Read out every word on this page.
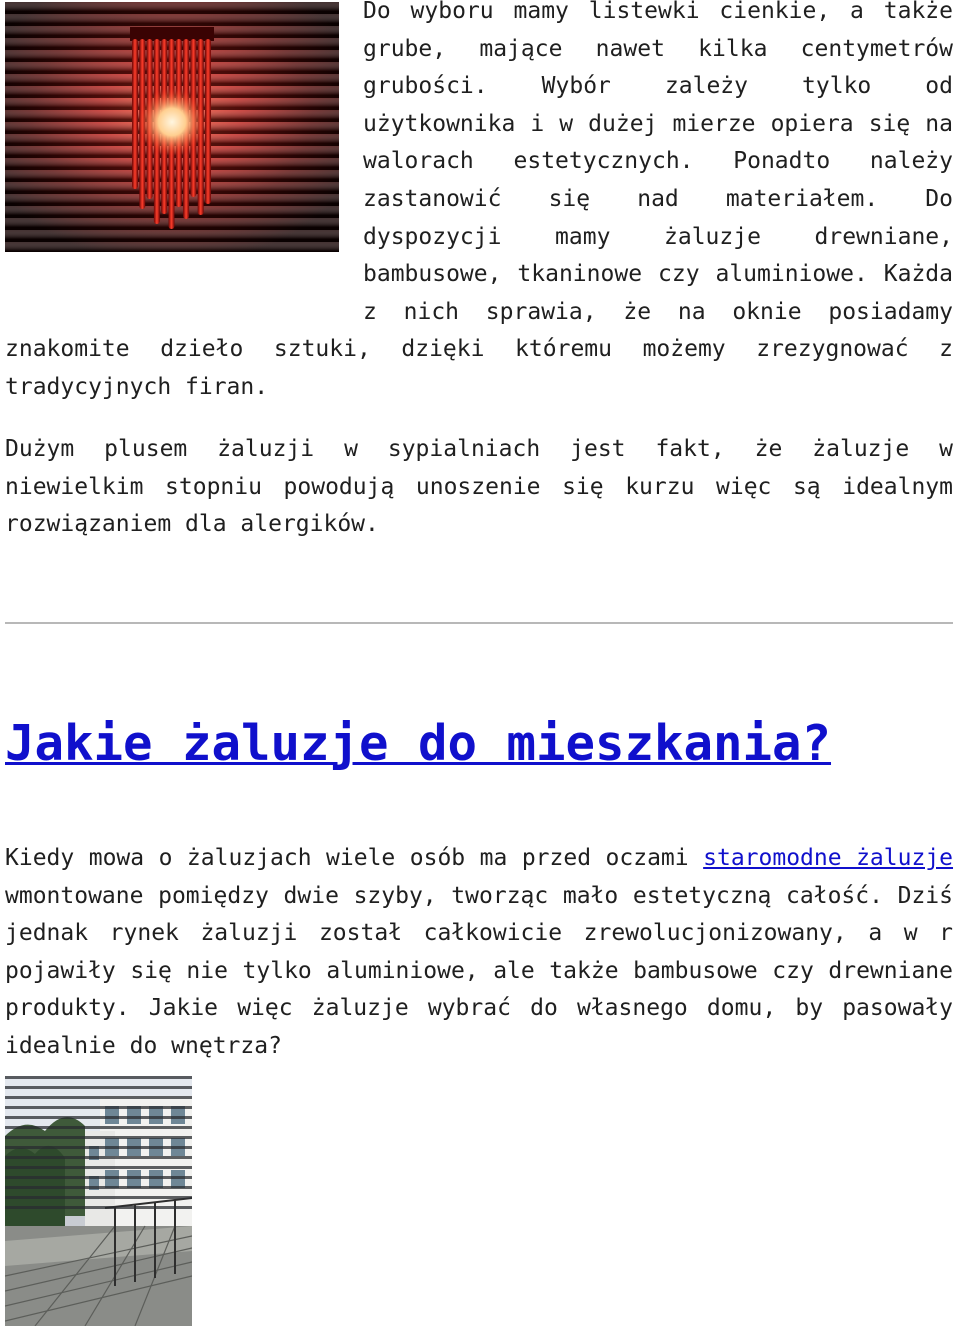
Do wyboru mamy listewki cienkie, a także grube, mające nawet kilka centymetrów grubości. Wybór zależy tylko od użytkownika i w dużej mierze opiera się na walorach estetycznych. Ponadto należy zastanowić się nad materiałem. Do dyspozycji mamy żaluzje drewniane, bambusowe, tkaninowe czy aluminiowe. Każda z nich sprawia, że na oknie posiadamy znakomite dzieło sztuki, dzięki któremu możemy zrezygnować z tradycyjnych firan.

Dużym plusem żaluzji w sypialniach jest fakt, że żaluzje w niewielkim stopniu powodują unoszenie się kurzu więc są idealnym rozwiązaniem dla alergików.

Jakie żaluzje do mieszkania?

Kiedy mowa o żaluzjach wiele osób ma przed oczami staromodne żaluzje wmontowane pomiędzy dwie szyby, tworząc mało estetyczną całość. Dziś jednak rynek żaluzji został całkowicie zrewolucjonizowany, a w r pojawiły się nie tylko aluminiowe, ale także bambusowe czy drewniane produkty. Jakie więc żaluzje wybrać do własnego domu, by pasowały idealnie do wnętrza?
